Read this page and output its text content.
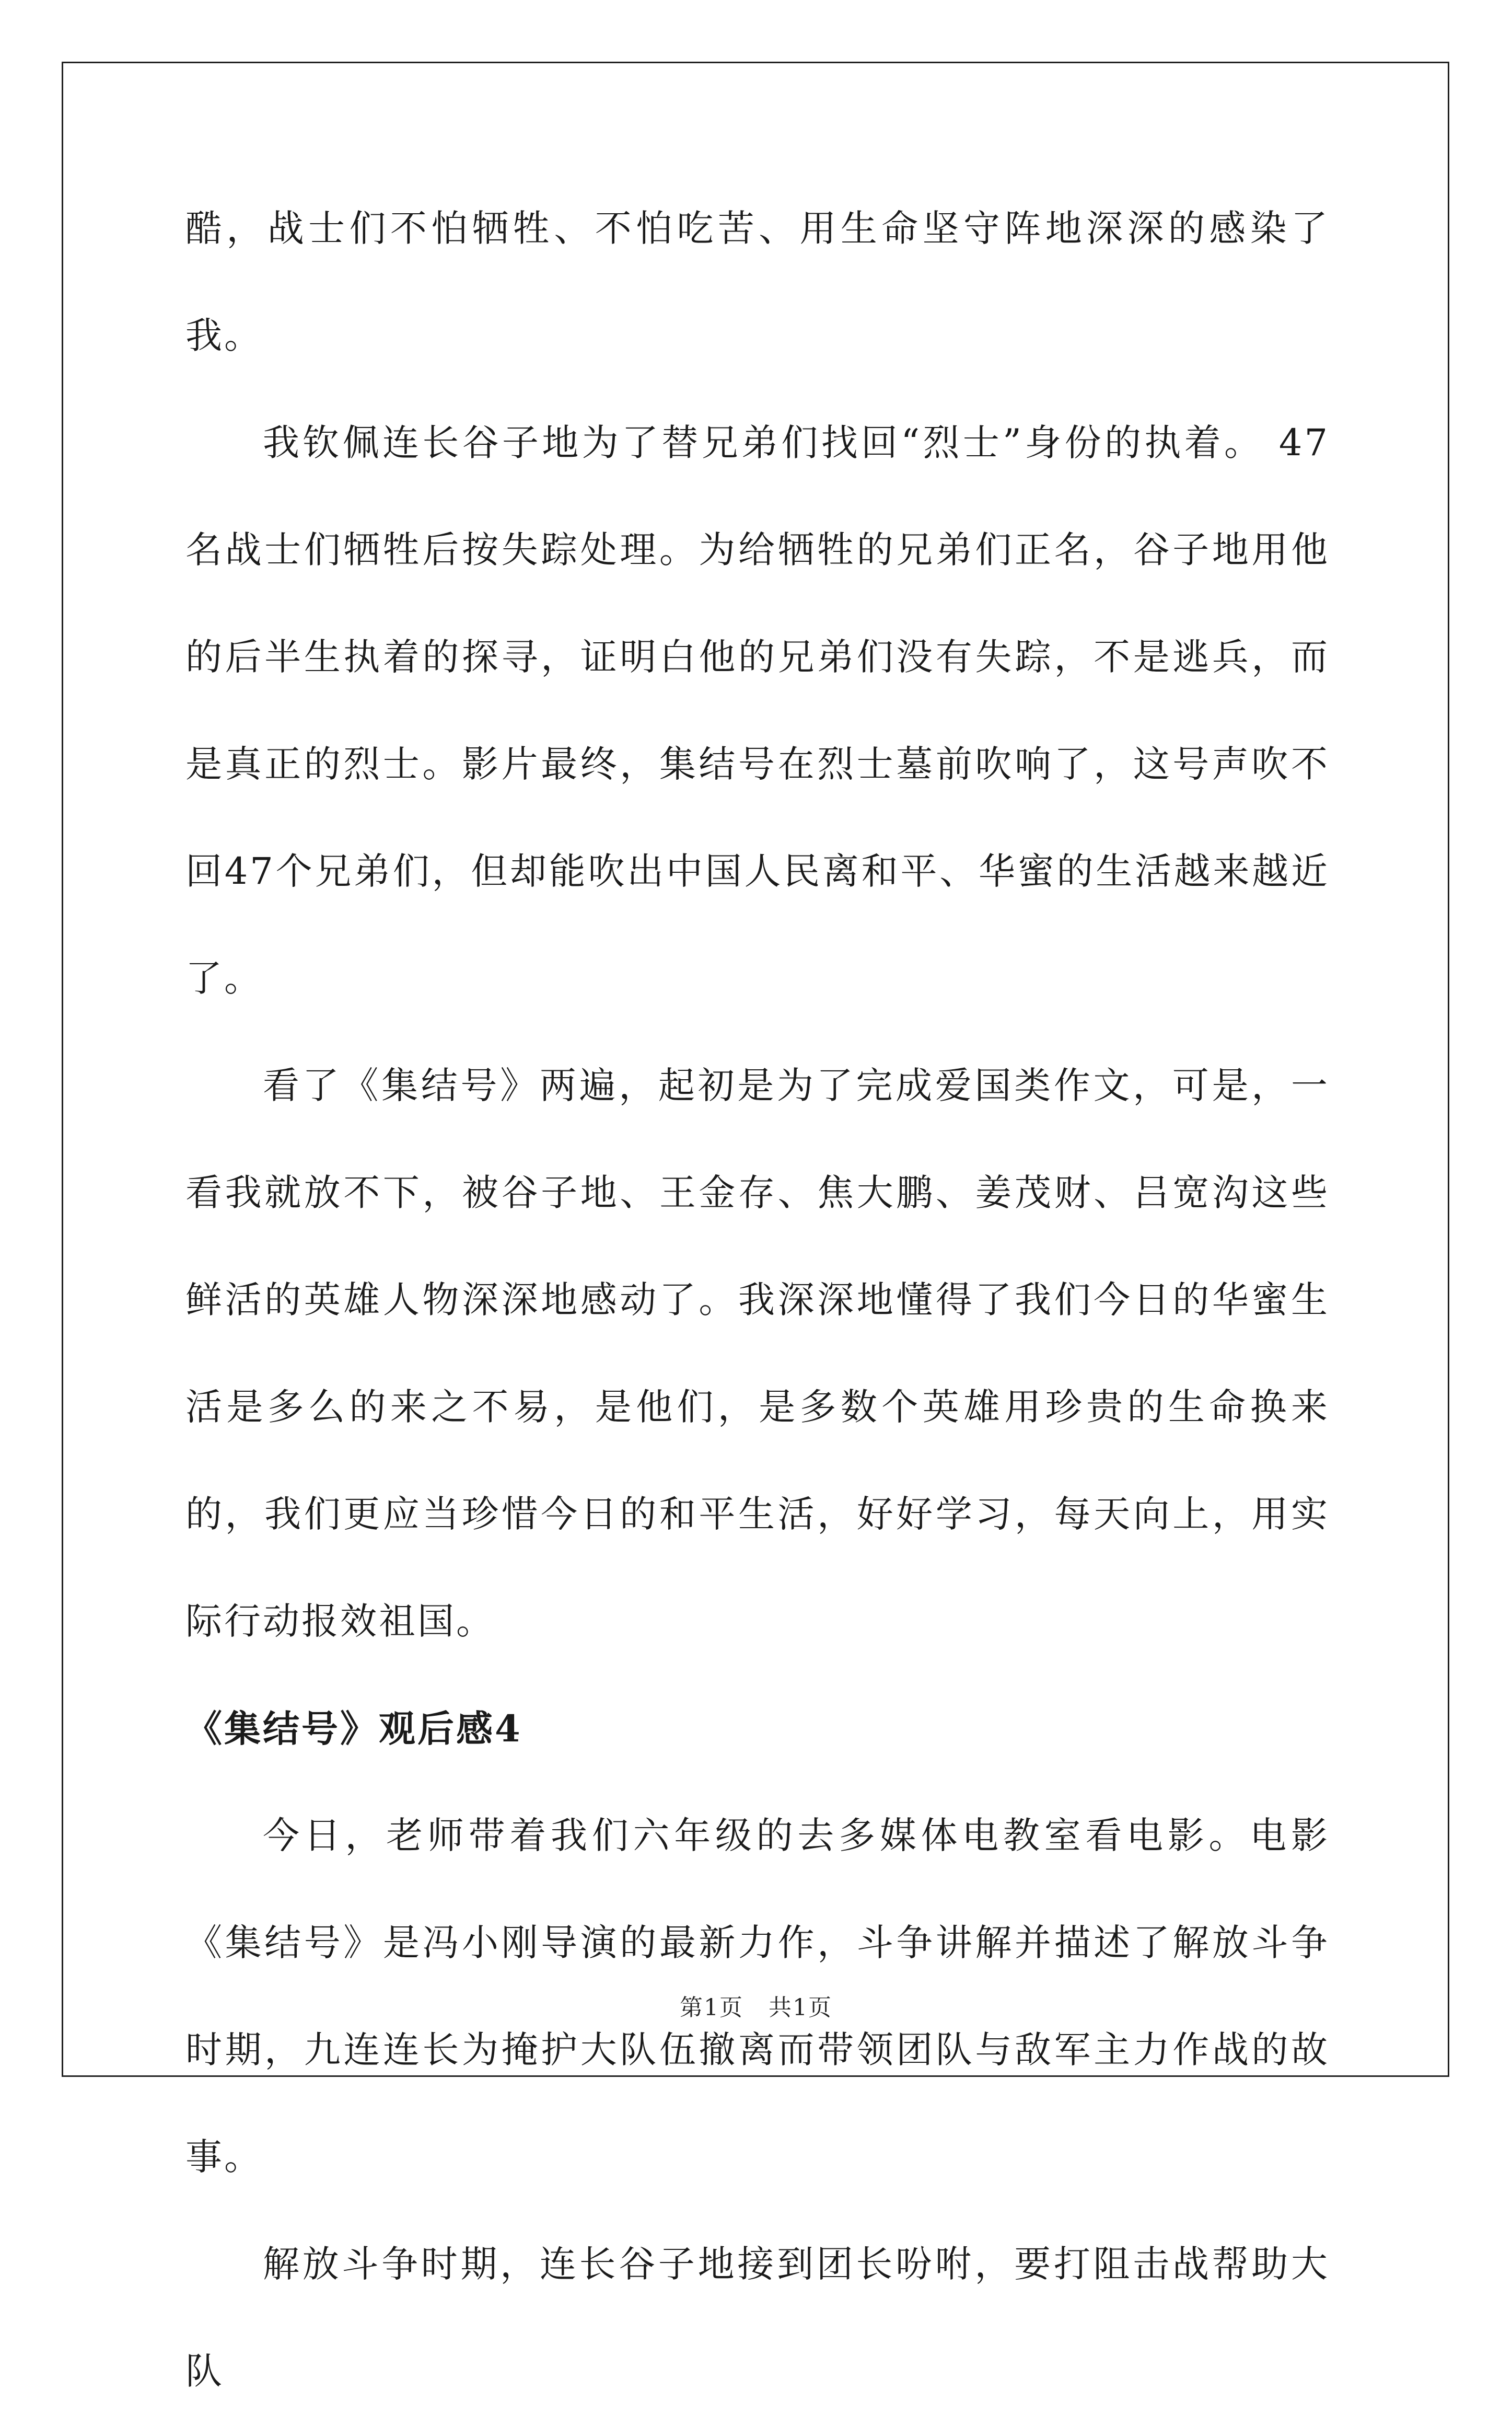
酷，战士们不怕牺牲、不怕吃苦、用生命坚守阵地深深的感染了我。

我钦佩连长谷子地为了替兄弟们找回“烈士”身份的执着。 47名战士们牺牲后按失踪处理。为给牺牲的兄弟们正名，谷子地用他的后半生执着的探寻，证明白他的兄弟们没有失踪，不是逃兵，而是真正的烈士。影片最终，集结号在烈士墓前吹响了，这号声吹不回47个兄弟们，但却能吹出中国人民离和平、华蜜的生活越来越近了。

看了《集结号》两遍，起初是为了完成爱国类作文，可是，一看我就放不下，被谷子地、王金存、焦大鹏、姜茂财、吕宽沟这些鲜活的英雄人物深深地感动了。我深深地懂得了我们今日的华蜜生活是多么的来之不易，是他们，是多数个英雄用珍贵的生命换来的，我们更应当珍惜今日的和平生活，好好学习，每天向上，用实际行动报效祖国。

《集结号》观后感4

今日，老师带着我们六年级的去多媒体电教室看电影。电影《集结号》是冯小刚导演的最新力作，斗争讲解并描述了解放斗争时期，九连连长为掩护大队伍撤离而带领团队与敌军主力作战的故事。

解放斗争时期，连长谷子地接到团长吩咐，要打阻击战帮助大队

第1页   共1页
